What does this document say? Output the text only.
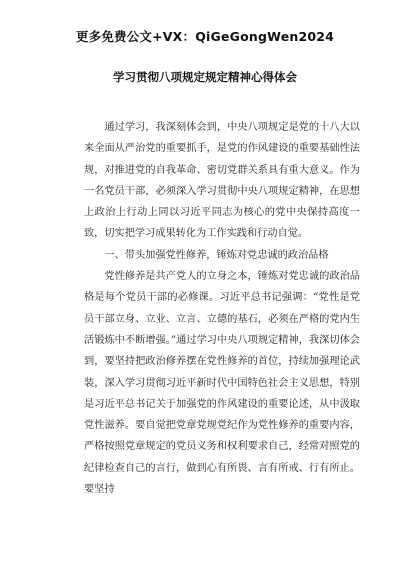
更多免费公文+VX：QiGeGongWen2024
学习贯彻八项规定规定精神心得体会

通过学习，我深刻体会到，中央八项规定是党的十八大以来全面从严治党的重要抓手，是党的作风建设的重要基础性法规，对推进党的自我革命、密切党群关系具有重大意义。作为一名党员干部，必须深入学习贯彻中央八项规定精神，在思想上政治上行动上同以习近平同志为核心的党中央保持高度一致，切实把学习成果转化为工作实践和行动自觉。

一、带头加强党性修养，锤炼对党忠诚的政治品格

党性修养是共产党人的立身之本，锤炼对党忠诚的政治品格是每个党员干部的必修课。习近平总书记强调：“党性是党员干部立身、立业、立言、立德的基石，必须在严格的党内生活锻炼中不断增强。”通过学习中央八项规定精神，我深切体会到，要坚持把政治修养摆在党性修养的首位，持续加强理论武装，深入学习贯彻习近平新时代中国特色社会主义思想，特别是习近平总书记关于加强党的作风建设的重要论述，从中汲取党性滋养。要自觉把党章党规党纪作为党性修养的重要内容，严格按照党章规定的党员义务和权利要求自己，经常对照党的纪律检查自己的言行，做到心有所畏、言有所戒、行有所止。要坚持
